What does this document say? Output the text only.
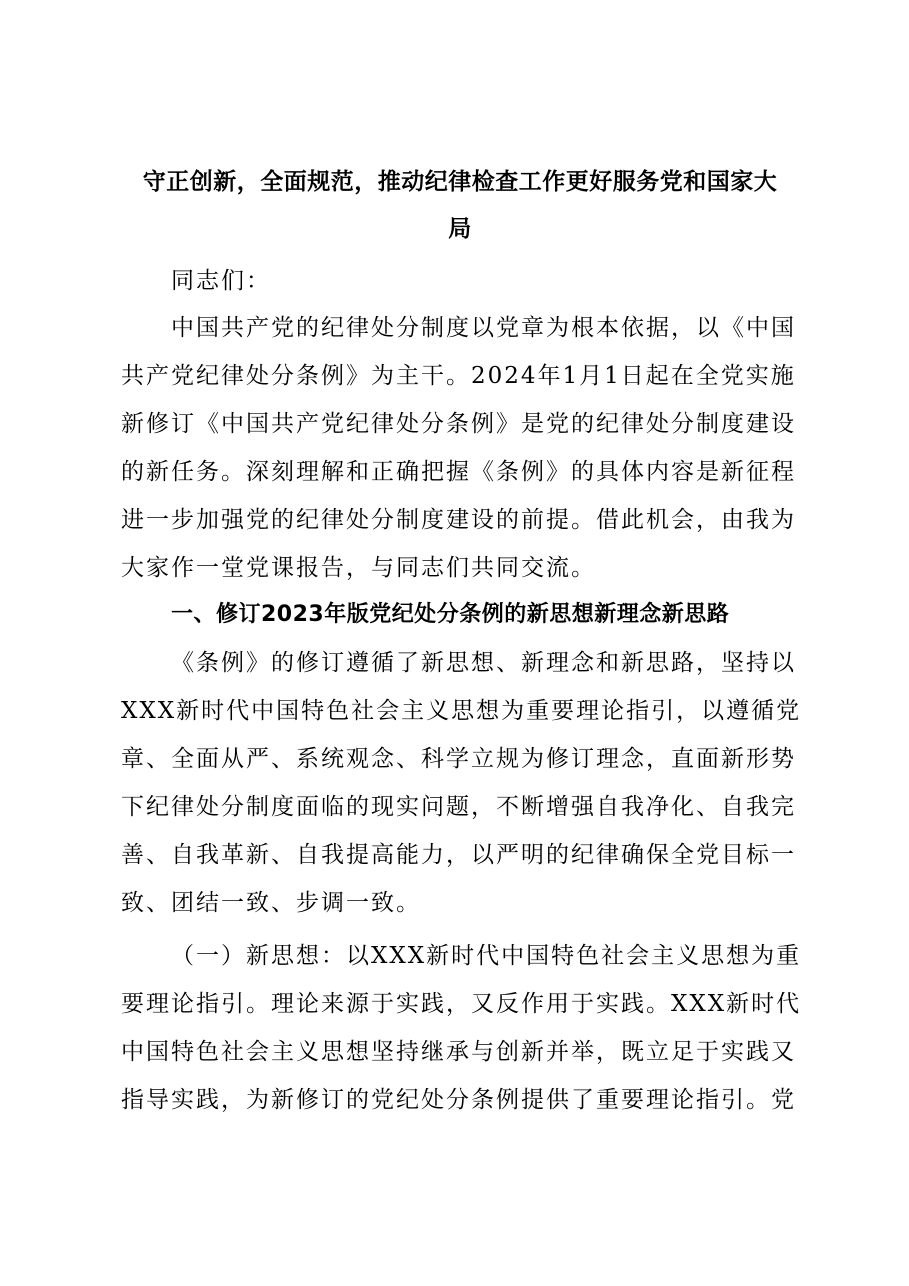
守正创新，全面规范，推动纪律检查工作更好服务党和国家大
局
同志们：
中国共产党的纪律处分制度以党章为根本依据，以《中国
共产党纪律处分条例》为主干。2024年1月1日起在全党实施
新修订《中国共产党纪律处分条例》是党的纪律处分制度建设
的新任务。深刻理解和正确把握《条例》的具体内容是新征程
进一步加强党的纪律处分制度建设的前提。借此机会，由我为
大家作一堂党课报告，与同志们共同交流。
一、修订2023年版党纪处分条例的新思想新理念新思路
《条例》的修订遵循了新思想、新理念和新思路，坚持以
XXX新时代中国特色社会主义思想为重要理论指引，以遵循党
章、全面从严、系统观念、科学立规为修订理念，直面新形势
下纪律处分制度面临的现实问题，不断增强自我净化、自我完
善、自我革新、自我提高能力，以严明的纪律确保全党目标一
致、团结一致、步调一致。
（一）新思想：以XXX新时代中国特色社会主义思想为重
要理论指引。理论来源于实践，又反作用于实践。XXX新时代
中国特色社会主义思想坚持继承与创新并举，既立足于实践又
指导实践，为新修订的党纪处分条例提供了重要理论指引。党
